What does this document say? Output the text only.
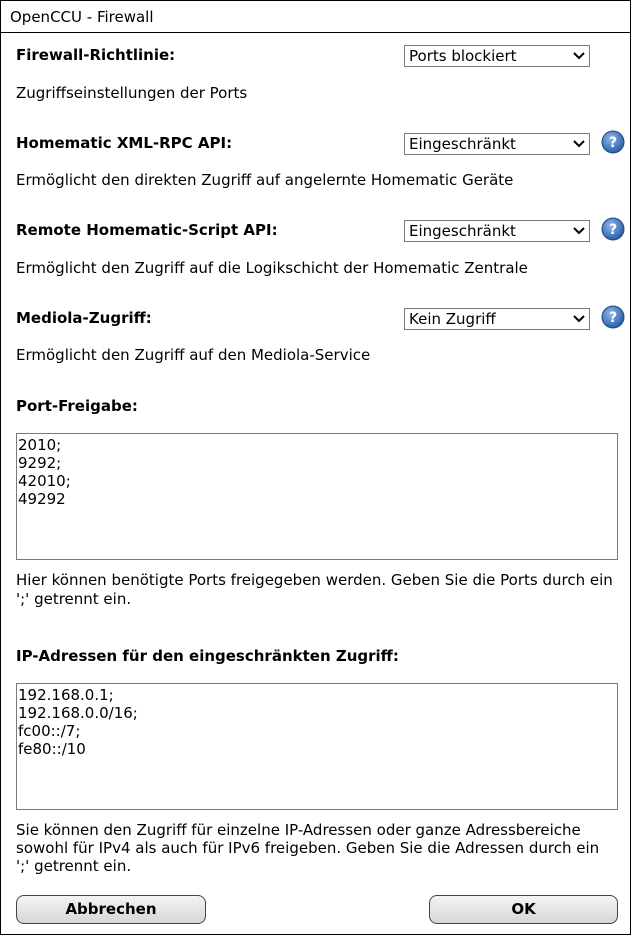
OpenCCU - Firewall
Firewall-Richtlinie:	Ports blockiert
Zugriffseinstellungen der Ports
Homematic XML-RPC API:	Eingeschränkt	?
Ermöglicht den direkten Zugriff auf angelernte Homematic Geräte
Remote Homematic-Script API:	Eingeschränkt	?
Ermöglicht den Zugriff auf die Logikschicht der Homematic Zentrale
Mediola-Zugriff:	Kein Zugriff	?
Ermöglicht den Zugriff auf den Mediola-Service
Port-Freigabe:
2010;
9292;
42010;
49292
Hier können benötigte Ports freigegeben werden. Geben Sie die Ports durch ein ';' getrennt ein.
IP-Adressen für den eingeschränkten Zugriff:
192.168.0.1;
192.168.0.0/16;
fc00::/7;
fe80::/10
Sie können den Zugriff für einzelne IP-Adressen oder ganze Adressbereiche sowohl für IPv4 als auch für IPv6 freigeben. Geben Sie die Adressen durch ein ';' getrennt ein.
Abbrechen	OK
